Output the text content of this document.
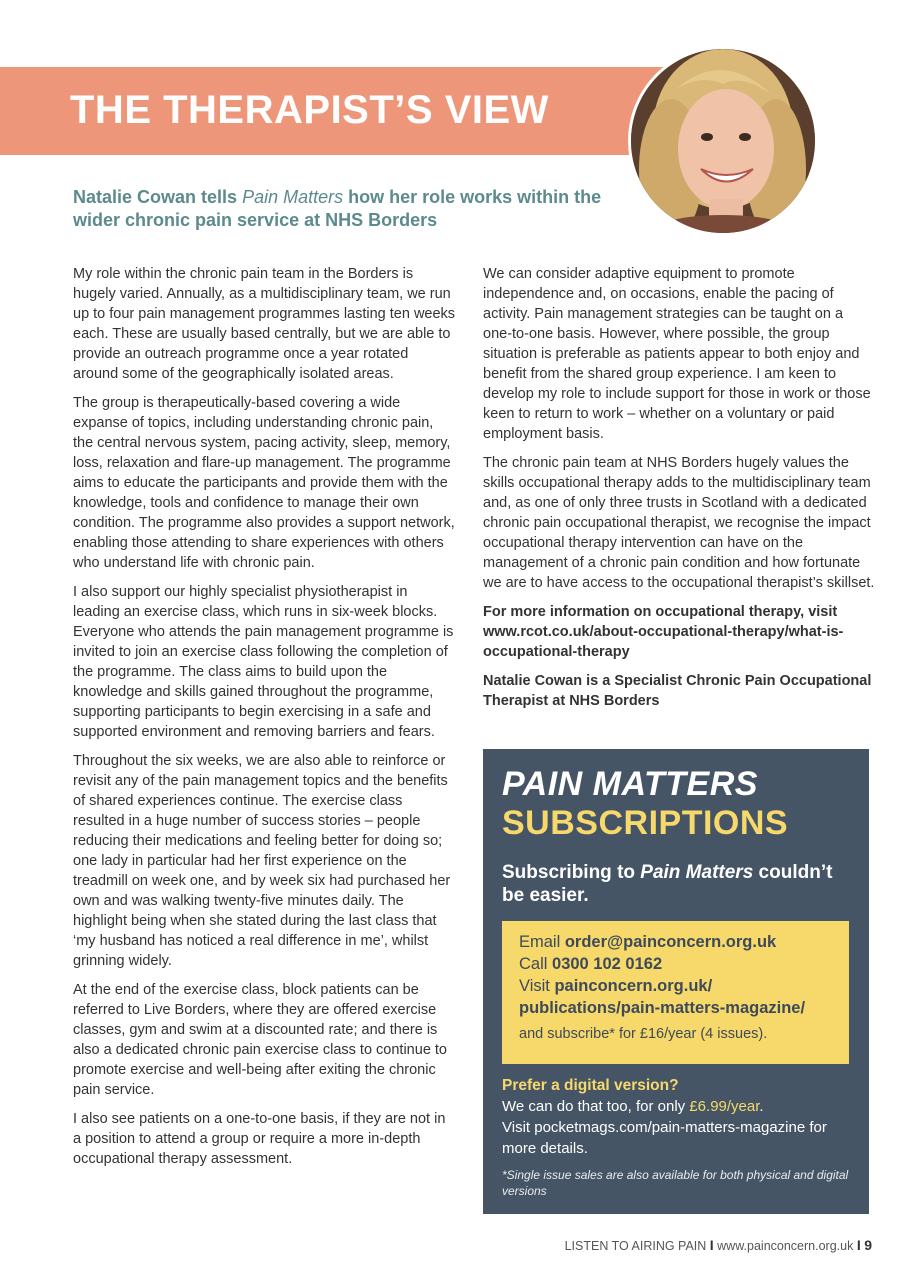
THE THERAPIST’S VIEW
Natalie Cowan tells Pain Matters how her role works within the wider chronic pain service at NHS Borders

My role within the chronic pain team in the Borders is hugely varied. Annually, as a multidisciplinary team, we run up to four pain management programmes lasting ten weeks each. These are usually based centrally, but we are able to provide an outreach programme once a year rotated around some of the geographically isolated areas.

The group is therapeutically-based covering a wide expanse of topics, including understanding chronic pain, the central nervous system, pacing activity, sleep, memory, loss, relaxation and flare-up management. The programme aims to educate the participants and provide them with the knowledge, tools and confidence to manage their own condition. The programme also provides a support network, enabling those attending to share experiences with others who understand life with chronic pain.

I also support our highly specialist physiotherapist in leading an exercise class, which runs in six-week blocks. Everyone who attends the pain management programme is invited to join an exercise class following the completion of the programme. The class aims to build upon the knowledge and skills gained throughout the programme, supporting participants to begin exercising in a safe and supported environment and removing barriers and fears.

Throughout the six weeks, we are also able to reinforce or revisit any of the pain management topics and the benefits of shared experiences continue. The exercise class resulted in a huge number of success stories – people reducing their medications and feeling better for doing so; one lady in particular had her first experience on the treadmill on week one, and by week six had purchased her own and was walking twenty-five minutes daily. The highlight being when she stated during the last class that ‘my husband has noticed a real difference in me’, whilst grinning widely.

At the end of the exercise class, block patients can be referred to Live Borders, where they are offered exercise classes, gym and swim at a discounted rate; and there is also a dedicated chronic pain exercise class to continue to promote exercise and well-being after exiting the chronic pain service.

I also see patients on a one-to-one basis, if they are not in a position to attend a group or require a more in-depth occupational therapy assessment.

We can consider adaptive equipment to promote independence and, on occasions, enable the pacing of activity. Pain management strategies can be taught on a one-to-one basis. However, where possible, the group situation is preferable as patients appear to both enjoy and benefit from the shared group experience. I am keen to develop my role to include support for those in work or those keen to return to work – whether on a voluntary or paid employment basis.

The chronic pain team at NHS Borders hugely values the skills occupational therapy adds to the multidisciplinary team and, as one of only three trusts in Scotland with a dedicated chronic pain occupational therapist, we recognise the impact occupational therapy intervention can have on the management of a chronic pain condition and how fortunate we are to have access to the occupational therapist’s skillset.

For more information on occupational therapy, visit www.rcot.co.uk/about-occupational-therapy/what-is-occupational-therapy

Natalie Cowan is a Specialist Chronic Pain Occupational Therapist at NHS Borders

PAIN MATTERS
SUBSCRIPTIONS
Subscribing to Pain Matters couldn’t be easier.
Email order@painconcern.org.uk
Call 0300 102 0162
Visit painconcern.org.uk/
publications/pain-matters-magazine/
and subscribe* for £16/year (4 issues).
Prefer a digital version?
We can do that too, for only £6.99/year.
Visit pocketmags.com/pain-matters-magazine for more details.
*Single issue sales are also available for both physical and digital versions
LISTEN TO AIRING PAIN I www.painconcern.org.uk I 9
